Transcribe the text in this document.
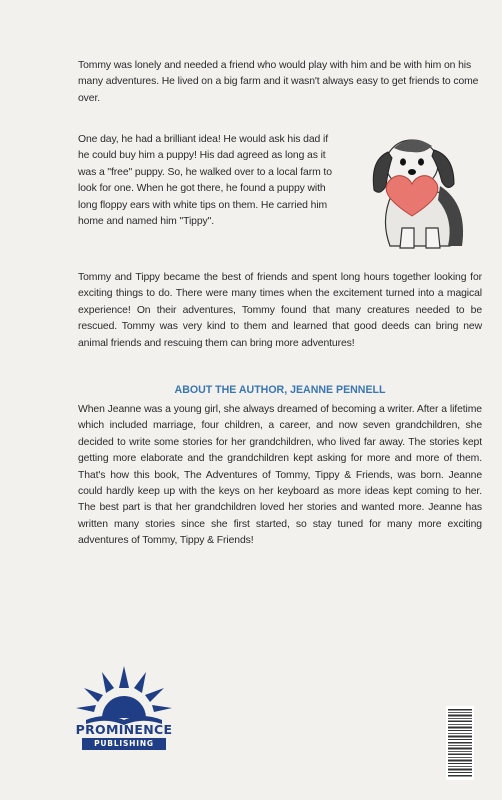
Tommy was lonely and needed a friend who would play with him and be with him on his many adventures. He lived on a big farm and it wasn't always easy to get friends to come over.

One day, he had a brilliant idea! He would ask his dad if he could buy him a puppy! His dad agreed as long as it was a "free" puppy. So, he walked over to a local farm to look for one. When he got there, he found a puppy with long floppy ears with white tips on them. He carried him home and named him "Tippy".

Tommy and Tippy became the best of friends and spent long hours together looking for exciting things to do. There were many times when the excitement turned into a magical experience! On their adventures, Tommy found that many creatures needed to be rescued. Tommy was very kind to them and learned that good deeds can bring new animal friends and rescuing them can bring more adventures!

ABOUT THE AUTHOR, JEANNE PENNELL

When Jeanne was a young girl, she always dreamed of becoming a writer. After a lifetime which included marriage, four children, a career, and now seven grandchildren, she decided to write some stories for her grandchildren, who lived far away. The stories kept getting more elaborate and the grandchildren kept asking for more and more of them. That's how this book, The Adventures of Tommy, Tippy & Friends, was born. Jeanne could hardly keep up with the keys on her keyboard as more ideas kept coming to her. The best part is that her grandchildren loved her stories and wanted more. Jeanne has written many stories since she first started, so stay tuned for many more exciting adventures of Tommy, Tippy & Friends!

PROMINENCE
PUBLISHING
